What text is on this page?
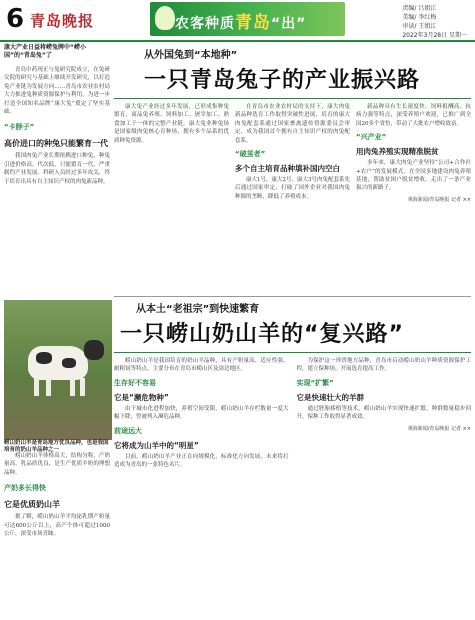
6 青岛晚报	农客种质青岛“出”
责编/ 吕姐江
美编/ 李红梅
审读/ 王姐江
2022年3月28日 星期一
康大产业日益将崂兔牌中“崂小国”的“青岛兔”了
青岛中药现正与兔研究院成立，在兔研究院的研究与基础上继续开发研究，以打造兔产业链为发展方向……青岛市农业农村局大力推进兔种质资源保护与利用，为进一步打造全国知名品牌“康大兔”奠定了坚实基础。
“卡脖子”
高价进口的种兔只能繁育一代
我国肉兔产业长期依赖进口种兔，种兔引进价格高、代次低，只能繁育一代，严重制约产业发展。科研人员经过多年攻关，终于培育出具有自主知识产权的肉兔新品种。
从外国兔到“本地种”
一只青岛兔子的产业振兴路
康大兔产业经过多年发展，已形成集种兔繁育、商品兔养殖、饲料加工、屠宰加工、熟食加工于一体的完整产业链。康大兔业种兔场是国家级肉兔核心育种场，拥有多个品系的优质种兔资源。
在青岛市农业农村局的支持下，康大肉兔新品种选育工作取得突破性进展，培育的康大肉兔配套系通过国家畜禽遗传资源委员会审定，成为我国首个拥有自主知识产权的肉兔配套系。
“破茧者”
多个自主培育品种填补国内空白
康大1号、康大2号、康大3号肉兔配套系先后通过国家审定，打破了国外企业对我国肉兔种源的垄断，降低了养殖成本。
新品种具有生长速度快、饲料报酬高、抗病力强等特点，深受养殖户欢迎，已推广到全国20多个省份，带动了大批农户增收致富。
“兴产业”
用肉兔养殖实现精准脱贫
多年来，康大肉兔产业坚持“公司+合作社+农户”的发展模式，在全国多地建设肉兔养殖基地，帮助贫困户脱贫增收，走出了一条产业振兴的新路子。
观海新闻/青岛晚报 记者 ××
崂山奶山羊是青岛地方优良品种，也是我国培育的奶山羊品种之一
崂山奶山羊体格高大，结构匀称，产奶量高，乳品质优良，是生产优质羊奶的理想品种。
产奶多长得快
它是优质奶山羊
据了解，崂山奶山羊平均泌乳期产奶量可达600公斤以上，高产个体可超过1000公斤，深受市场青睐。
从本土“老祖宗”到快速繁育
一只崂山奶山羊的“复兴路”
崂山奶山羊是我国培育的奶山羊品种，具有产奶量高、适应性强、耐粗饲等特点，主要分布在青岛市崂山区及周边地区。
生存好不容易
它是“濒危物种”
由于城市化进程加快，养殖空间受限，崂山奶山羊存栏数量一度大幅下降，曾被列入濒危品种。
前途远大
它将成为山羊中的“明星”
目前，崂山奶山羊产业正在向规模化、标准化方向发展，未来将打造成为青岛的一张特色名片。
为保护这一珍贵地方品种，青岛市启动崂山奶山羊种质资源保护工程，建立保种场，开展选育提高工作。
实现“扩繁”
它是快速壮大的羊群
通过胚胎移植等技术，崂山奶山羊实现快速扩繁，种群数量稳步回升，保种工作取得显著成效。
观海新闻/青岛晚报 记者 ××
